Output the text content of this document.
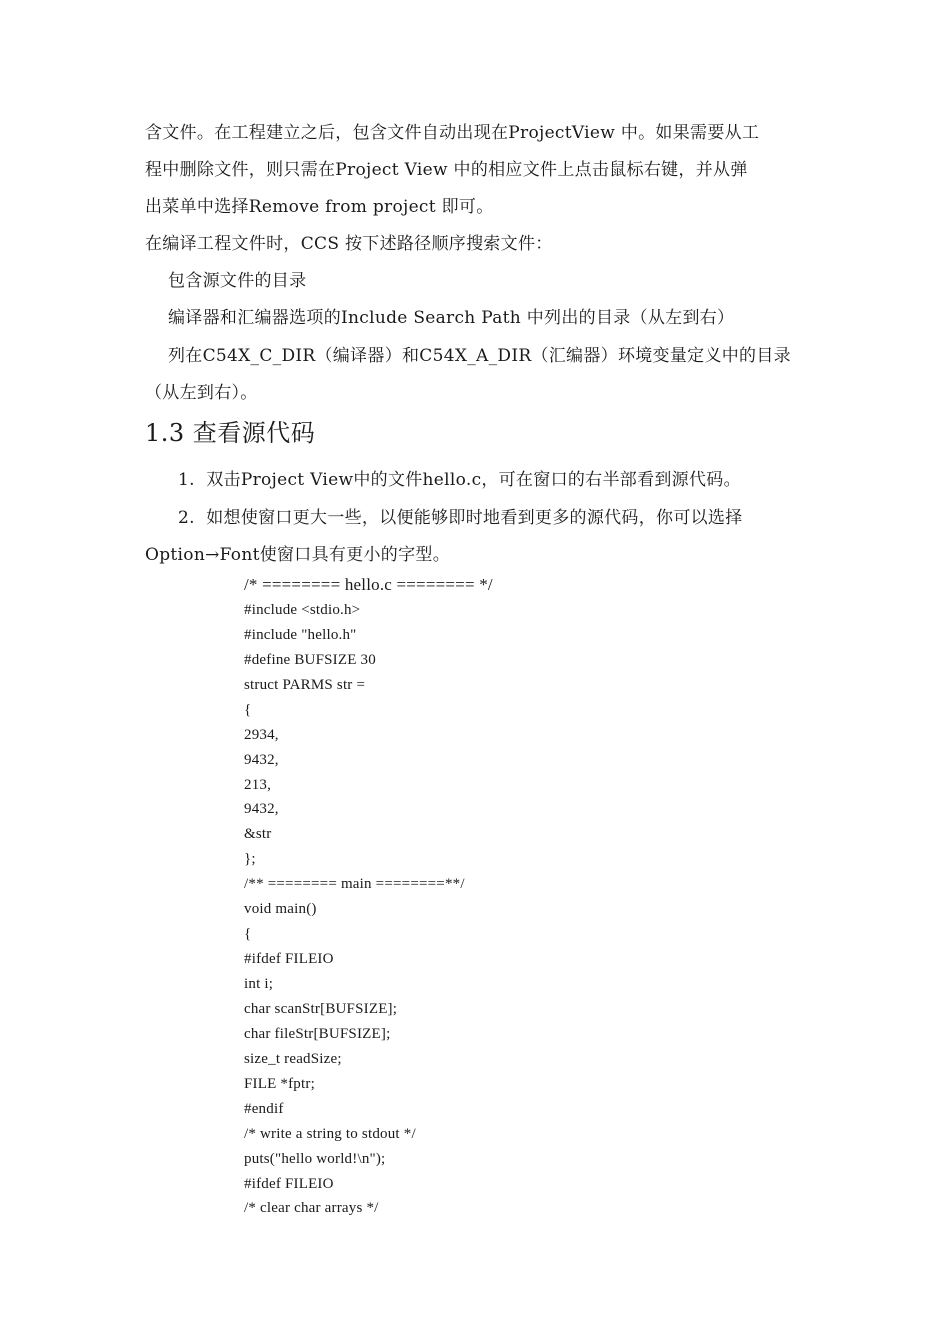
含文件。在工程建立之后，包含文件自动出现在ProjectView 中。如果需要从工
程中删除文件，则只需在Project View 中的相应文件上点击鼠标右键，并从弹
出菜单中选择Remove from project 即可。
在编译工程文件时，CCS 按下述路径顺序搜索文件：
包含源文件的目录
编译器和汇编器选项的Include Search Path 中列出的目录（从左到右）
列在C54X_C_DIR（编译器）和C54X_A_DIR（汇编器）环境变量定义中的目录
（从左到右）。
1.3 查看源代码
1.  双击Project View中的文件hello.c，可在窗口的右半部看到源代码。
2.  如想使窗口更大一些，以便能够即时地看到更多的源代码，你可以选择
Option→Font使窗口具有更小的字型。
/* ======== hello.c ======== */
#include <stdio.h>
#include "hello.h"
#define BUFSIZE 30
struct PARMS str =
{
2934,
9432,
213,
9432,
&str
};
/** ======== main ========**/
void main()
{
#ifdef FILEIO
int i;
char scanStr[BUFSIZE];
char fileStr[BUFSIZE];
size_t readSize;
FILE *fptr;
#endif
/* write a string to stdout */
puts("hello world!\n");
#ifdef FILEIO
/* clear char arrays */
